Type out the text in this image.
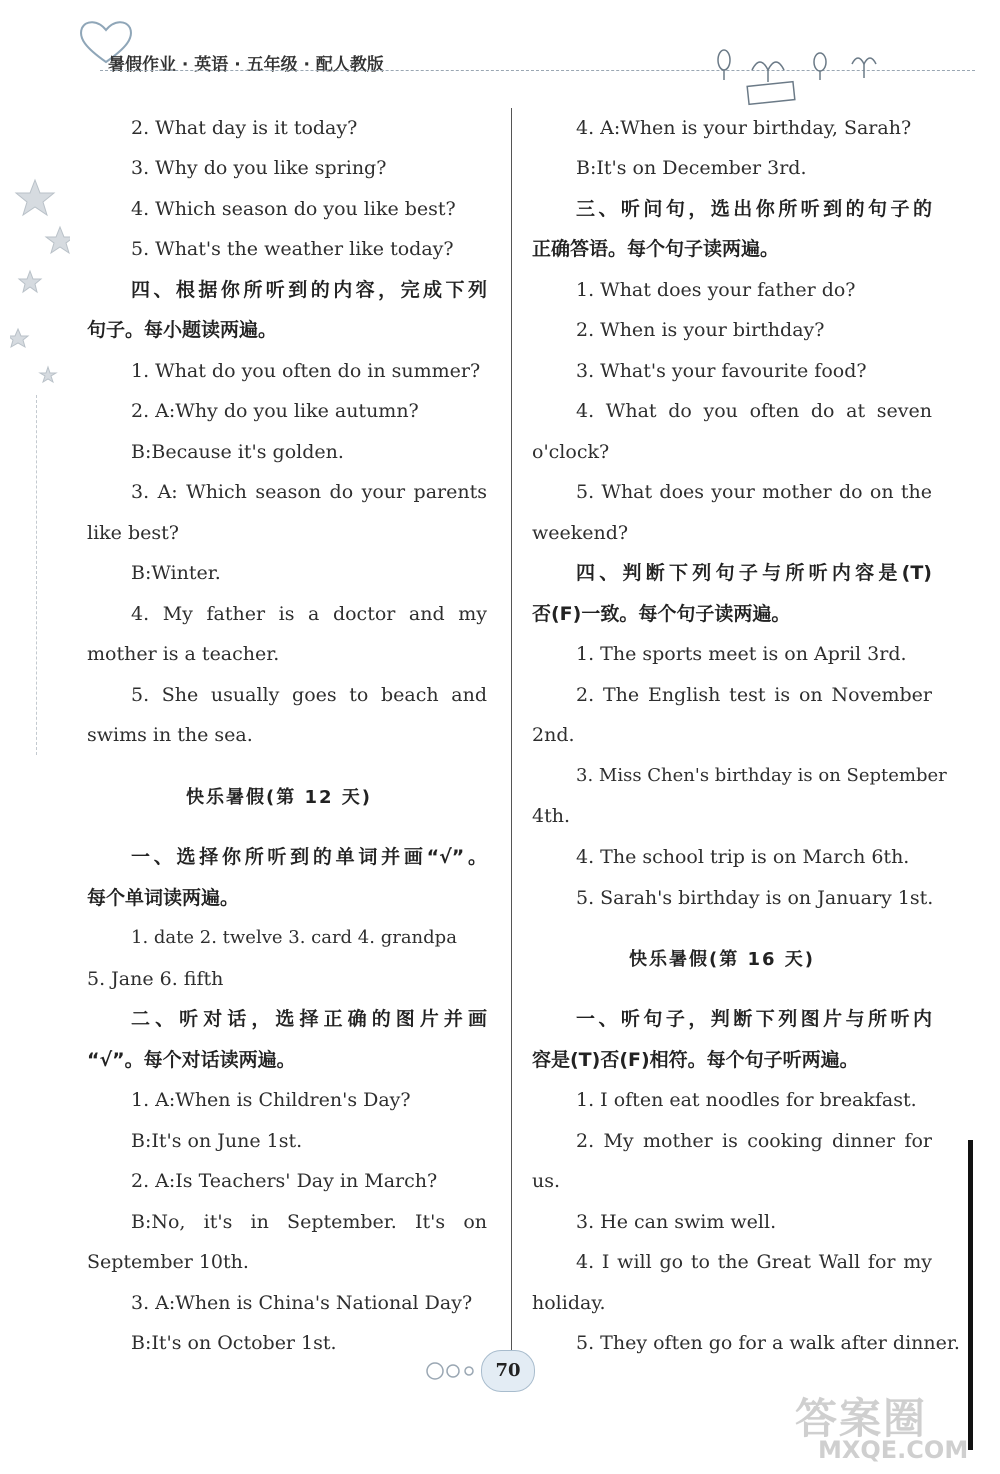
暑假作业 · 英语 · 五年级 · 配人教版
2. What day is it today?
3. Why do you like spring?
4. Which season do you like best?
5. What's the weather like today?
四、根据你所听到的内容，完成下列
句子。每小题读两遍。
1. What do you often do in summer?
2. A:Why do you like autumn?
B:Because it's golden.
3. A: Which season do your parents
like best?
B:Winter.
4. My father is a doctor and my
mother is a teacher.
5. She usually goes to beach and
swims in the sea.
快乐暑假(第 12 天)
一、选择你所听到的单词并画“√”。
每个单词读两遍。
1. date 2. twelve 3. card 4. grandpa
5. Jane 6. fifth
二、听对话，选择正确的图片并画
“√”。每个对话读两遍。
1. A:When is Children's Day?
B:It's on June 1st.
2. A:Is Teachers' Day in March?
B:No, it's in September. It's on
September 10th.
3. A:When is China's National Day?
B:It's on October 1st.
4. A:When is your birthday, Sarah?
B:It's on December 3rd.
三、听问句，选出你所听到的句子的
正确答语。每个句子读两遍。
1. What does your father do?
2. When is your birthday?
3. What's your favourite food?
4. What do you often do at seven
o'clock?
5. What does your mother do on the
weekend?
四、判断下列句子与所听内容是(T)
否(F)一致。每个句子读两遍。
1. The sports meet is on April 3rd.
2. The English test is on November
2nd.
3. Miss Chen's birthday is on September
4th.
4. The school trip is on March 6th.
5. Sarah's birthday is on January 1st.
快乐暑假(第 16 天)
一、听句子，判断下列图片与所听内
容是(T)否(F)相符。每个句子听两遍。
1. I often eat noodles for breakfast.
2. My mother is cooking dinner for
us.
3. He can swim well.
4. I will go to the Great Wall for my
holiday.
5. They often go for a walk after dinner.
70
答案圈
MXQE.COM
